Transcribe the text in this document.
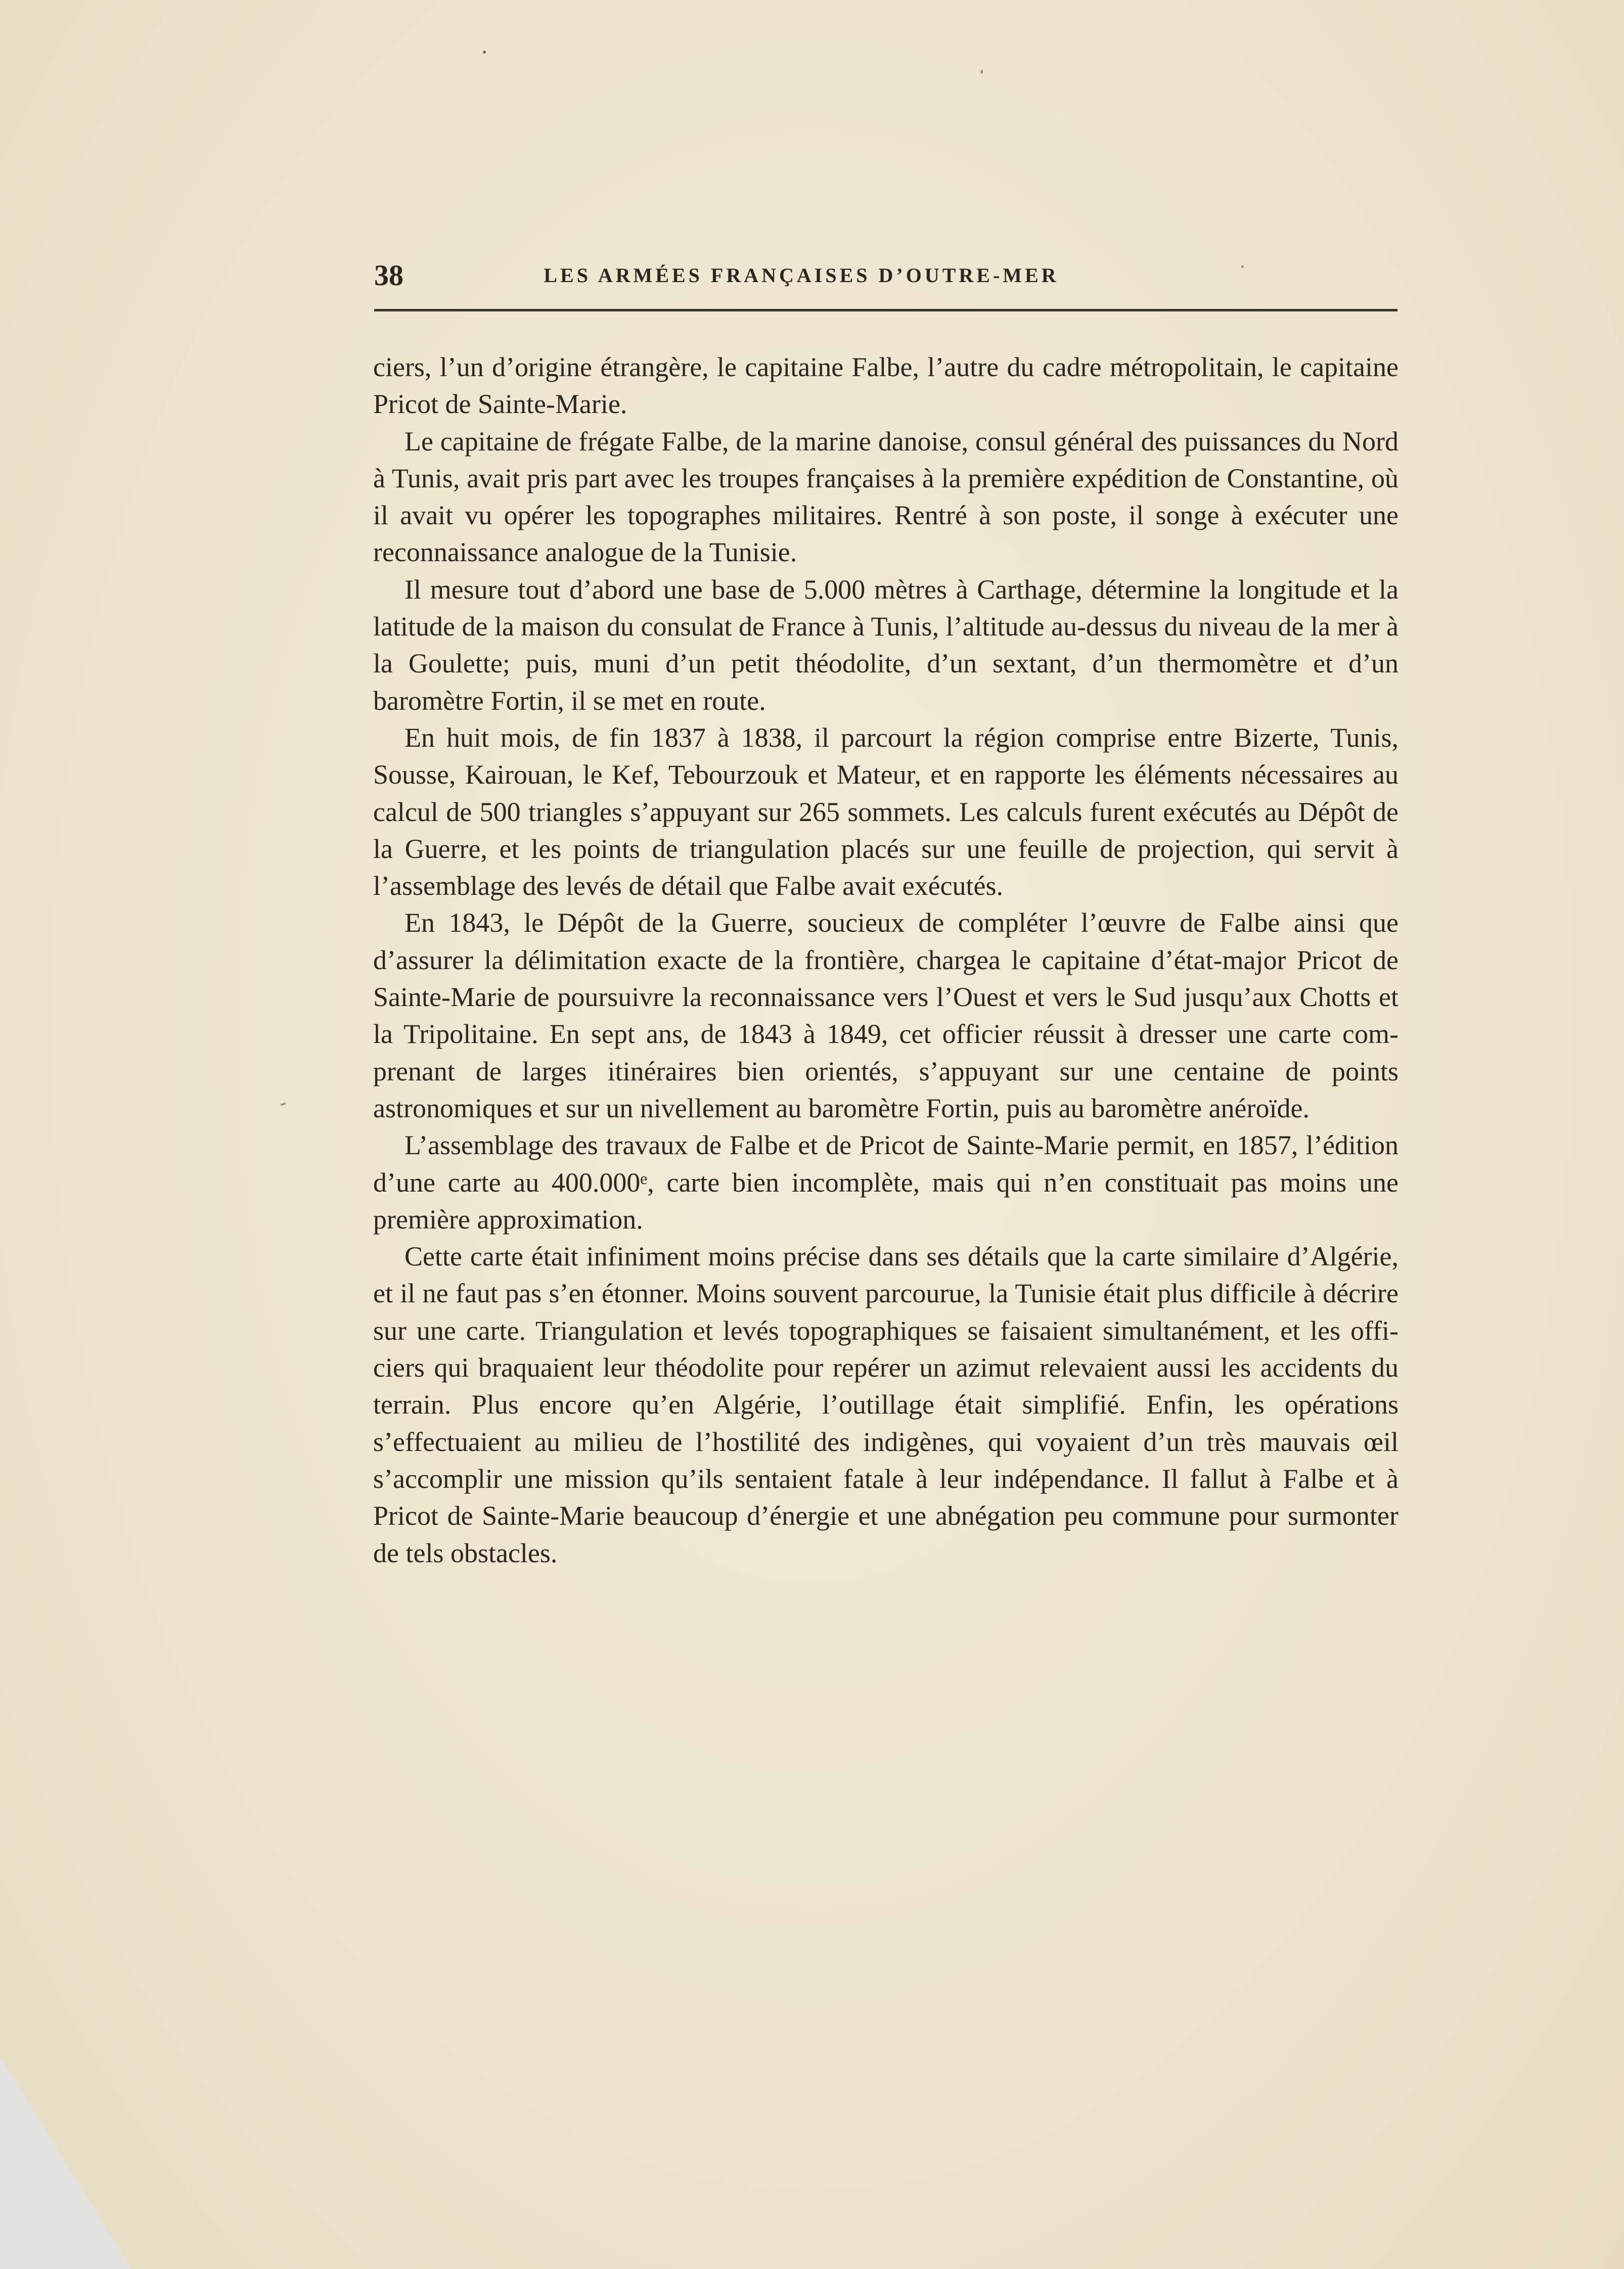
38	LES ARMÉES FRANÇAISES D’OUTRE-MER

ciers, l’un d’origine étrangère, le capitaine Falbe, l’autre du cadre métropolitain, le capitaine Pricot de Sainte-Marie.

Le capitaine de frégate Falbe, de la marine danoise, consul général des puissances du Nord à Tunis, avait pris part avec les troupes françaises à la première expédition de Constantine, où il avait vu opérer les topographes militaires. Rentré à son poste, il songe à exécuter une reconnaissance analogue de la Tunisie.

Il mesure tout d’abord une base de 5.000 mètres à Carthage, détermine la longitude et la latitude de la maison du consulat de France à Tunis, l’altitude au-dessus du niveau de la mer à la Goulette; puis, muni d’un petit théodolite, d’un sextant, d’un thermomètre et d’un baromètre Fortin, il se met en route.

En huit mois, de fin 1837 à 1838, il parcourt la région comprise entre Bizerte, Tunis, Sousse, Kairouan, le Kef, Tebourzouk et Mateur, et en rapporte les éléments nécessaires au calcul de 500 triangles s’appuyant sur 265 sommets. Les calculs furent exécutés au Dépôt de la Guerre, et les points de triangulation placés sur une feuille de projection, qui servit à l’assemblage des levés de détail que Falbe avait exécutés.

En 1843, le Dépôt de la Guerre, soucieux de compléter l’œuvre de Falbe ainsi que d’assurer la délimitation exacte de la frontière, chargea le capitaine d’état-major Pricot de Sainte-Marie de poursuivre la reconnaissance vers l’Ouest et vers le Sud jusqu’aux Chotts et la Tripolitaine. En sept ans, de 1843 à 1849, cet officier réussit à dresser une carte comprenant de larges itinéraires bien orientés, s’appuyant sur une centaine de points astronomiques et sur un nivellement au baromètre Fortin, puis au baromètre anéroïde.

L’assemblage des travaux de Falbe et de Pricot de Sainte-Marie permit, en 1857, l’édition d’une carte au 400.000ᵉ, carte bien incomplète, mais qui n’en constituait pas moins une première approximation.

Cette carte était infiniment moins précise dans ses détails que la carte similaire d’Algérie, et il ne faut pas s’en étonner. Moins souvent parcourue, la Tunisie était plus difficile à décrire sur une carte. Triangulation et levés topographiques se faisaient simultanément, et les officiers qui braquaient leur théodolite pour repérer un azimut relevaient aussi les accidents du terrain. Plus encore qu’en Algérie, l’outillage était simplifié. Enfin, les opérations s’effectuaient au milieu de l’hostilité des indigènes, qui voyaient d’un très mauvais œil s’accomplir une mission qu’ils sentaient fatale à leur indépendance. Il fallut à Falbe et à Pricot de Sainte-Marie beaucoup d’énergie et une abnégation peu commune pour surmonter de tels obstacles.
